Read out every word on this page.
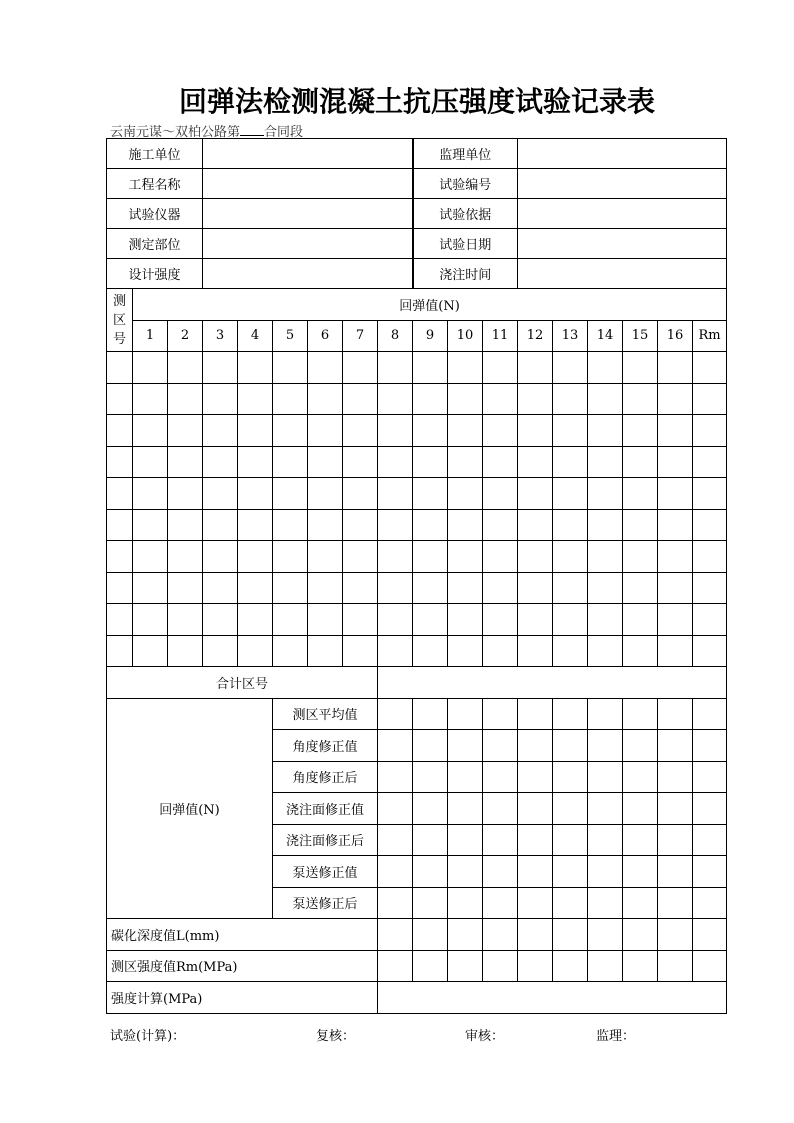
回弹法检测混凝土抗压强度试验记录表
云南元谋～双柏公路第 合同段
施工单位									监理单位								
工程名称									试验编号								
试验仪器									试验依据								
测定部位									试验日期								
设计强度									浇注时间								
测
区
号	回弹值(N)																
	1	2	3	4	5	6	7	8	9	10	11	12	13	14	15	16	Rm

合计区号																	
回弹值(N)					测区平均值												
					角度修正值												
					角度修正后												
					浇注面修正值												
					浇注面修正后												
					泵送修正值												
					泵送修正后												
碳化深度值L(mm)																	
测区强度值Rm(MPa)																	
强度计算(MPa)																	
试验(计算)：	复核：	审核：	监理：
